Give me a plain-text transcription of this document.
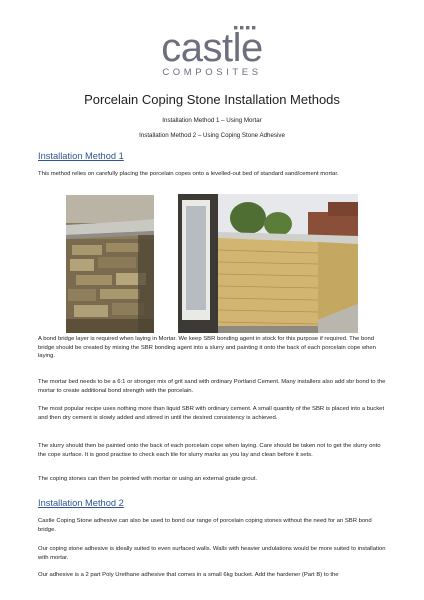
castle
COMPOSITES
Porcelain Coping Stone Installation Methods
Installation Method 1 – Using Mortar
Installation Method 2 – Using Coping Stone Adhesive
Installation Method 1

This method relies on carefully placing the porcelain copes onto a levelled-out bed of standard sand/cement mortar.

A bond bridge layer is required when laying in Mortar. We keep SBR bonding agent in stock for this purpose if required. The bond bridge should be created by mixing the SBR bonding agent into a slurry and painting it onto the back of each porcelain cope when laying.

The mortar bed needs to be a 6:1 or stronger mix of grit sand with ordinary Portland Cement. Many installers also add sbr bond to the mortar to create additional bond strength with the porcelain.

The most popular recipe uses nothing more than liquid SBR with ordinary cement. A small quantity of the SBR is placed into a bucket and then dry cement is slowly added and stirred in until the desired consistency is achieved.

The slurry should then be painted onto the back of each porcelain cope when laying. Care should be taken not to get the slurry onto the cope surface. It is good practise to check each tile for slurry marks as you lay and clean before it sets.

The coping stones can then be pointed with mortar or using an external grade grout.

Installation Method 2

Castle Coping Stone adhesive can also be used to bond our range of porcelain coping stones without the need for an SBR bond bridge.

Our coping stone adhesive is ideally suited to even surfaced walls. Walls with heavier undulations would be more suited to installation with mortar.

Our adhesive is a 2 part Poly Urethane adhesive that comes in a small 6kg bucket. Add the hardener (Part B) to the
